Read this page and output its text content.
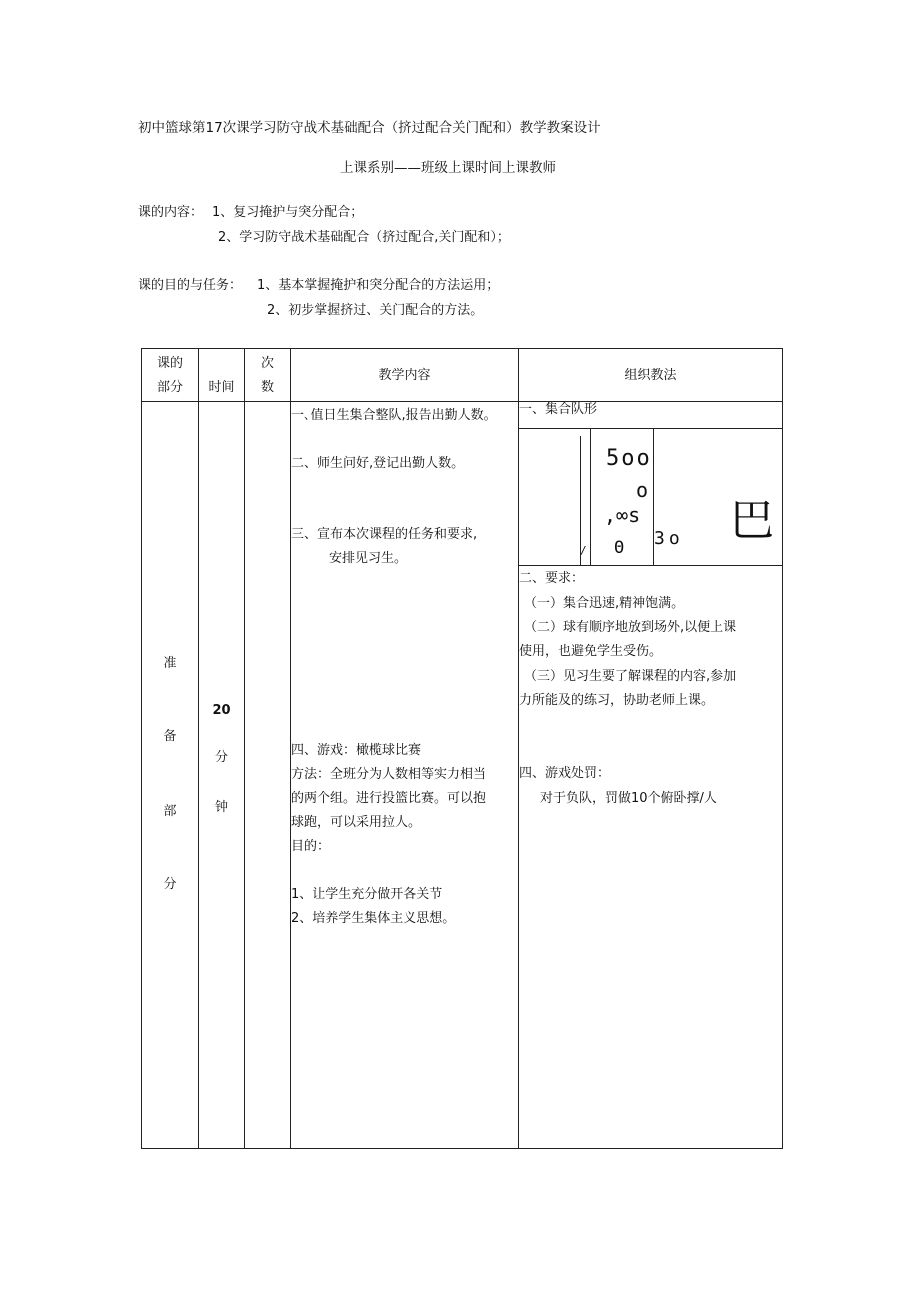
初中篮球第17次课学习防守战术基础配合（挤过配合关门配和）教学教案设计
上课系别——班级上课时间上课教师
课的内容： 1、复习掩护与突分配合；
2、学习防守战术基础配合（挤过配合,关门配和）；
课的目的与任务： 1、基本掌握掩护和突分配合的方法运用；
2、初步掌握挤过、关门配合的方法。
课的
部分	时间
次
数
教学内容	组织教法
准
备
部
分
20
分
钟
一､值日生集合整队,报告出勤人数。
二、师生问好,登记出勤人数。
三、宣布本次课程的任务和要求,
安排见习生。
四、游戏：橄榄球比赛
方法：全班分为人数相等实力相当
的两个组。进行投篮比赛。可以抱
球跑，可以采用拉人。
目的：
1、让学生充分做开各关节
2、培养学生集体主义思想。
一、集合队形
5oo
o
,∞s
Θ
/
3o 巴
二、要求：
（一）集合迅速,精神饱满。
（二）球有顺序地放到场外,以便上课
使用，也避免学生受伤。
（三）见习生要了解课程的内容,参加
力所能及的练习，协助老师上课。
四、游戏处罚：
对于负队，罚做10个俯卧撑/人
